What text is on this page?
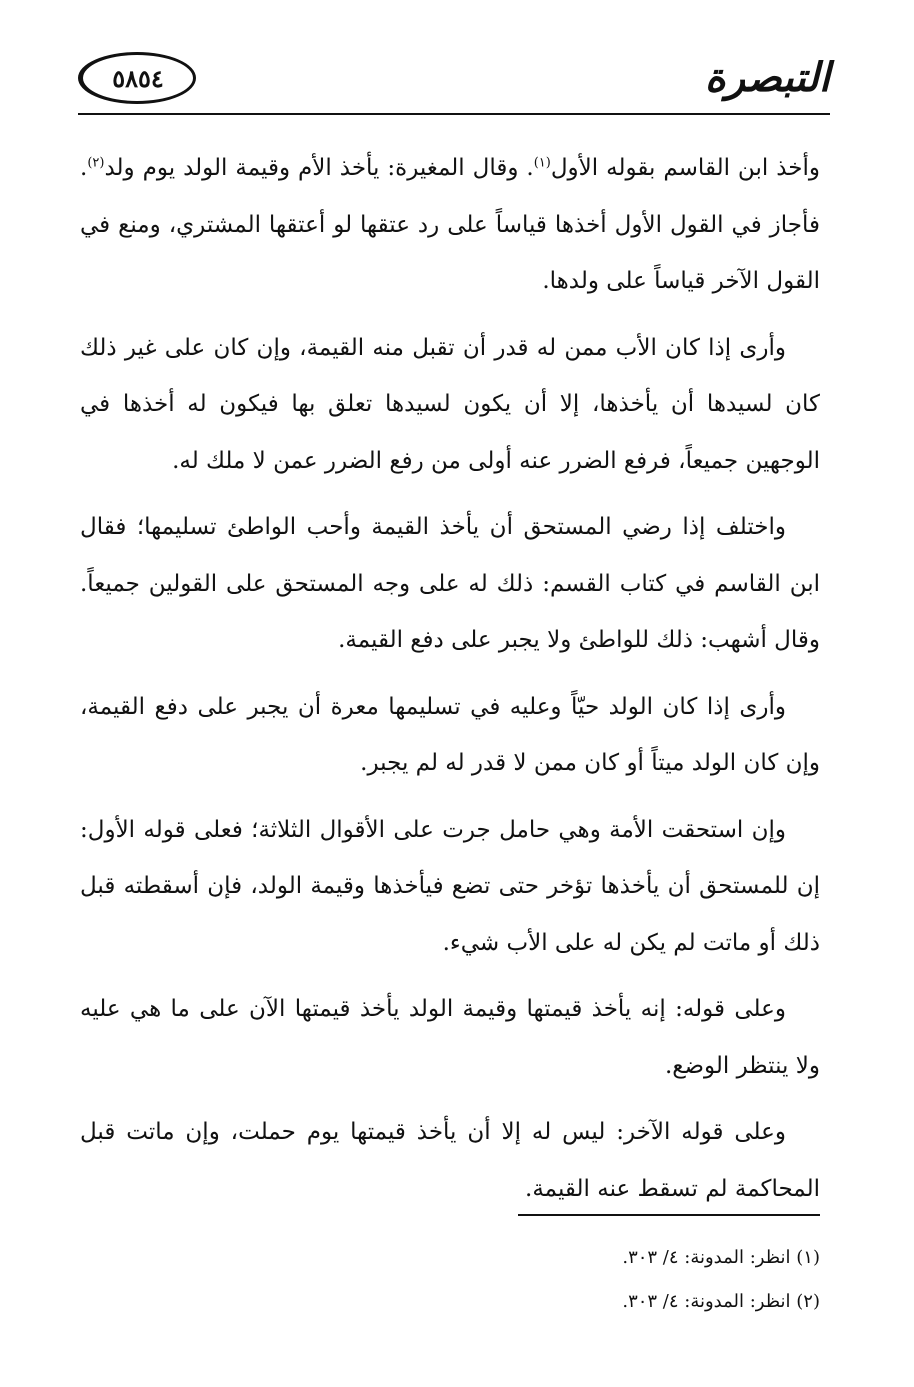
٥٨٥٤	التبصرة

وأخذ ابن القاسم بقوله الأول$^{(١)}$. وقال المغيرة: يأخذ الأم وقيمة الولد يوم ولد$^{(٢)}$. فأجاز في القول الأول أخذها قياساً على رد عتقها لو أعتقها المشتري، ومنع في القول الآخر قياساً على ولدها.

وأرى إذا كان الأب ممن له قدر أن تقبل منه القيمة، وإن كان على غير ذلك كان لسيدها أن يأخذها، إلا أن يكون لسيدها تعلق بها فيكون له أخذها في الوجهين جميعاً، فرفع الضرر عنه أولى من رفع الضرر عمن لا ملك له.

واختلف إذا رضي المستحق أن يأخذ القيمة وأحب الواطئ تسليمها؛ فقال ابن القاسم في كتاب القسم: ذلك له على وجه المستحق على القولين جميعاً. وقال أشهب: ذلك للواطئ ولا يجبر على دفع القيمة.

وأرى إذا كان الولد حيّاً وعليه في تسليمها معرة أن يجبر على دفع القيمة، وإن كان الولد ميتاً أو كان ممن لا قدر له لم يجبر.

وإن استحقت الأمة وهي حامل جرت على الأقوال الثلاثة؛ فعلى قوله الأول: إن للمستحق أن يأخذها تؤخر حتى تضع فيأخذها وقيمة الولد، فإن أسقطته قبل ذلك أو ماتت لم يكن له على الأب شيء.

وعلى قوله: إنه يأخذ قيمتها وقيمة الولد يأخذ قيمتها الآن على ما هي عليه ولا ينتظر الوضع.

وعلى قوله الآخر: ليس له إلا أن يأخذ قيمتها يوم حملت، وإن ماتت قبل المحاكمة لم تسقط عنه القيمة.

(١) انظر: المدونة: ٤/ ٣٠٣.
(٢) انظر: المدونة: ٤/ ٣٠٣.
